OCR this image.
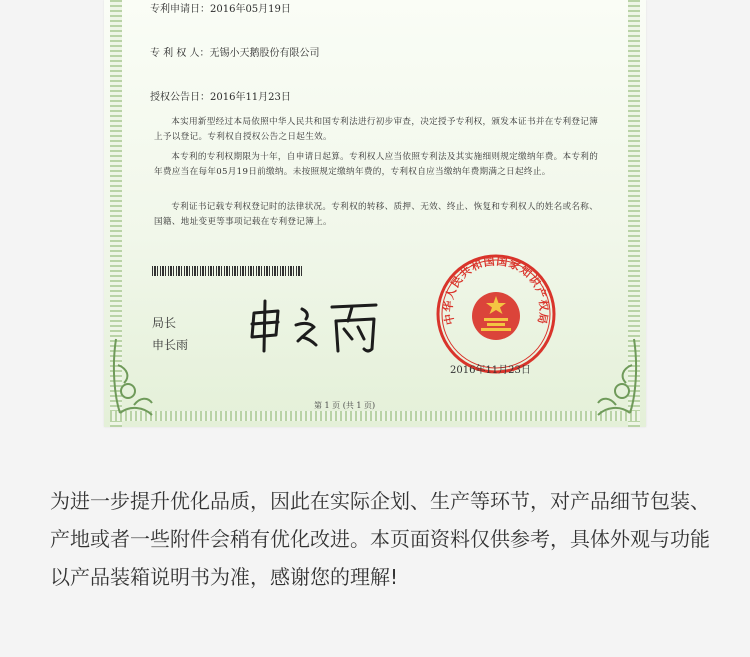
专利申请日：2016年05月19日
专 利 权 人：无锡小天鹅股份有限公司
授权公告日：2016年11月23日
本实用新型经过本局依照中华人民共和国专利法进行初步审查，决定授予专利权，颁发本证书并在专利登记簿上予以登记。专利权自授权公告之日起生效。
本专利的专利权期限为十年，自申请日起算。专利权人应当依照专利法及其实施细则规定缴纳年费。本专利的年费应当在每年05月19日前缴纳。未按照规定缴纳年费的，专利权自应当缴纳年费期满之日起终止。
专利证书记载专利权登记时的法律状况。专利权的转移、质押、无效、终止、恢复和专利权人的姓名或名称、国籍、地址变更等事项记载在专利登记簿上。
局长
申长雨
中华人民共和国国家知识产权局
2016年11月23日
第 1 页 (共 1 页)
为进一步提升优化品质，因此在实际企划、生产等环节，对产品细节包装、产地或者一些附件会稍有优化改进。本页面资料仅供参考，具体外观与功能以产品装箱说明书为准，感谢您的理解!
